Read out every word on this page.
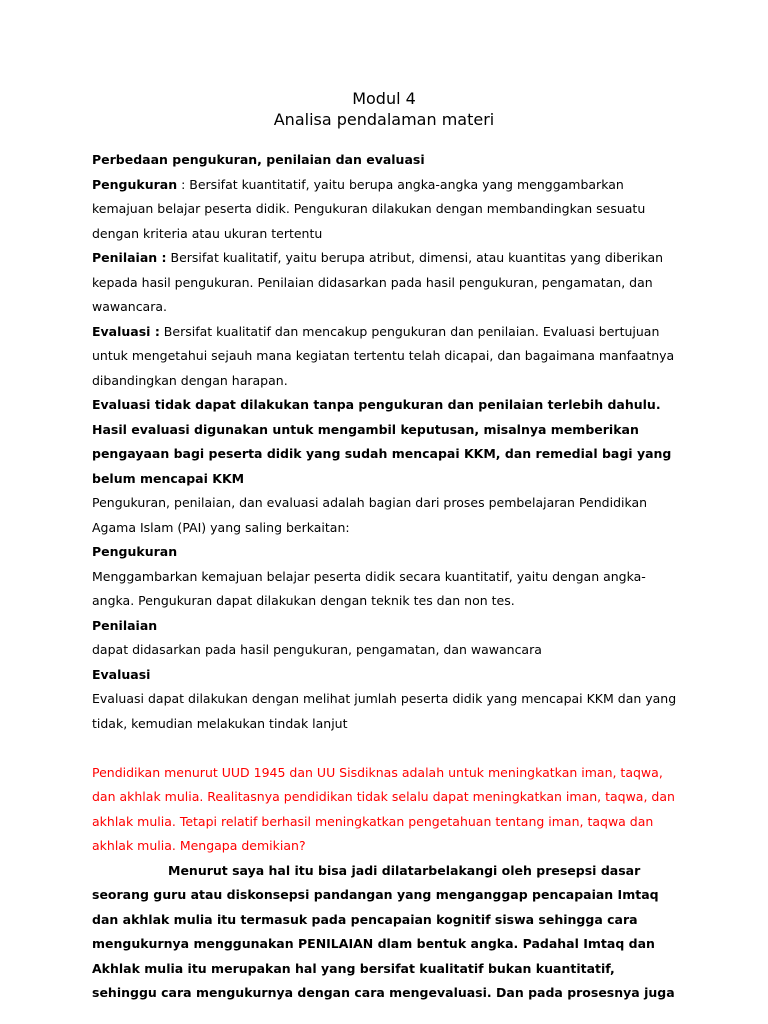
Modul 4
Analisa pendalaman materi

Perbedaan pengukuran, penilaian dan evaluasi

Pengukuran : Bersifat kuantitatif, yaitu berupa angka-angka yang menggambarkan kemajuan belajar peserta didik. Pengukuran dilakukan dengan membandingkan sesuatu dengan kriteria atau ukuran tertentu

Penilaian : Bersifat kualitatif, yaitu berupa atribut, dimensi, atau kuantitas yang diberikan kepada hasil pengukuran. Penilaian didasarkan pada hasil pengukuran, pengamatan, dan wawancara.

Evaluasi : Bersifat kualitatif dan mencakup pengukuran dan penilaian. Evaluasi bertujuan untuk mengetahui sejauh mana kegiatan tertentu telah dicapai, dan bagaimana manfaatnya dibandingkan dengan harapan.

Evaluasi tidak dapat dilakukan tanpa pengukuran dan penilaian terlebih dahulu. Hasil evaluasi digunakan untuk mengambil keputusan, misalnya memberikan pengayaan bagi peserta didik yang sudah mencapai KKM, dan remedial bagi yang belum mencapai KKM

Pengukuran, penilaian, dan evaluasi adalah bagian dari proses pembelajaran Pendidikan Agama Islam (PAI) yang saling berkaitan:

Pengukuran

Menggambarkan kemajuan belajar peserta didik secara kuantitatif, yaitu dengan angka-angka. Pengukuran dapat dilakukan dengan teknik tes dan non tes.

Penilaian

dapat didasarkan pada hasil pengukuran, pengamatan, dan wawancara

Evaluasi

Evaluasi dapat dilakukan dengan melihat jumlah peserta didik yang mencapai KKM dan yang tidak, kemudian melakukan tindak lanjut

Pendidikan menurut UUD 1945 dan UU Sisdiknas adalah untuk meningkatkan iman, taqwa, dan akhlak mulia. Realitasnya pendidikan tidak selalu dapat meningkatkan iman, taqwa, dan akhlak mulia. Tetapi relatif berhasil meningkatkan pengetahuan tentang iman, taqwa dan akhlak mulia. Mengapa demikian?

Menurut saya hal itu bisa jadi dilatarbelakangi oleh presepsi dasar seorang guru atau diskonsepsi pandangan yang menganggap pencapaian Imtaq dan akhlak mulia itu termasuk pada pencapaian kognitif siswa sehingga cara mengukurnya menggunakan PENILAIAN dlam bentuk angka. Padahal Imtaq dan Akhlak mulia itu merupakan hal yang bersifat kualitatif bukan kuantitatif, sehinggu cara mengukurnya dengan cara mengevaluasi. Dan pada prosesnya juga
